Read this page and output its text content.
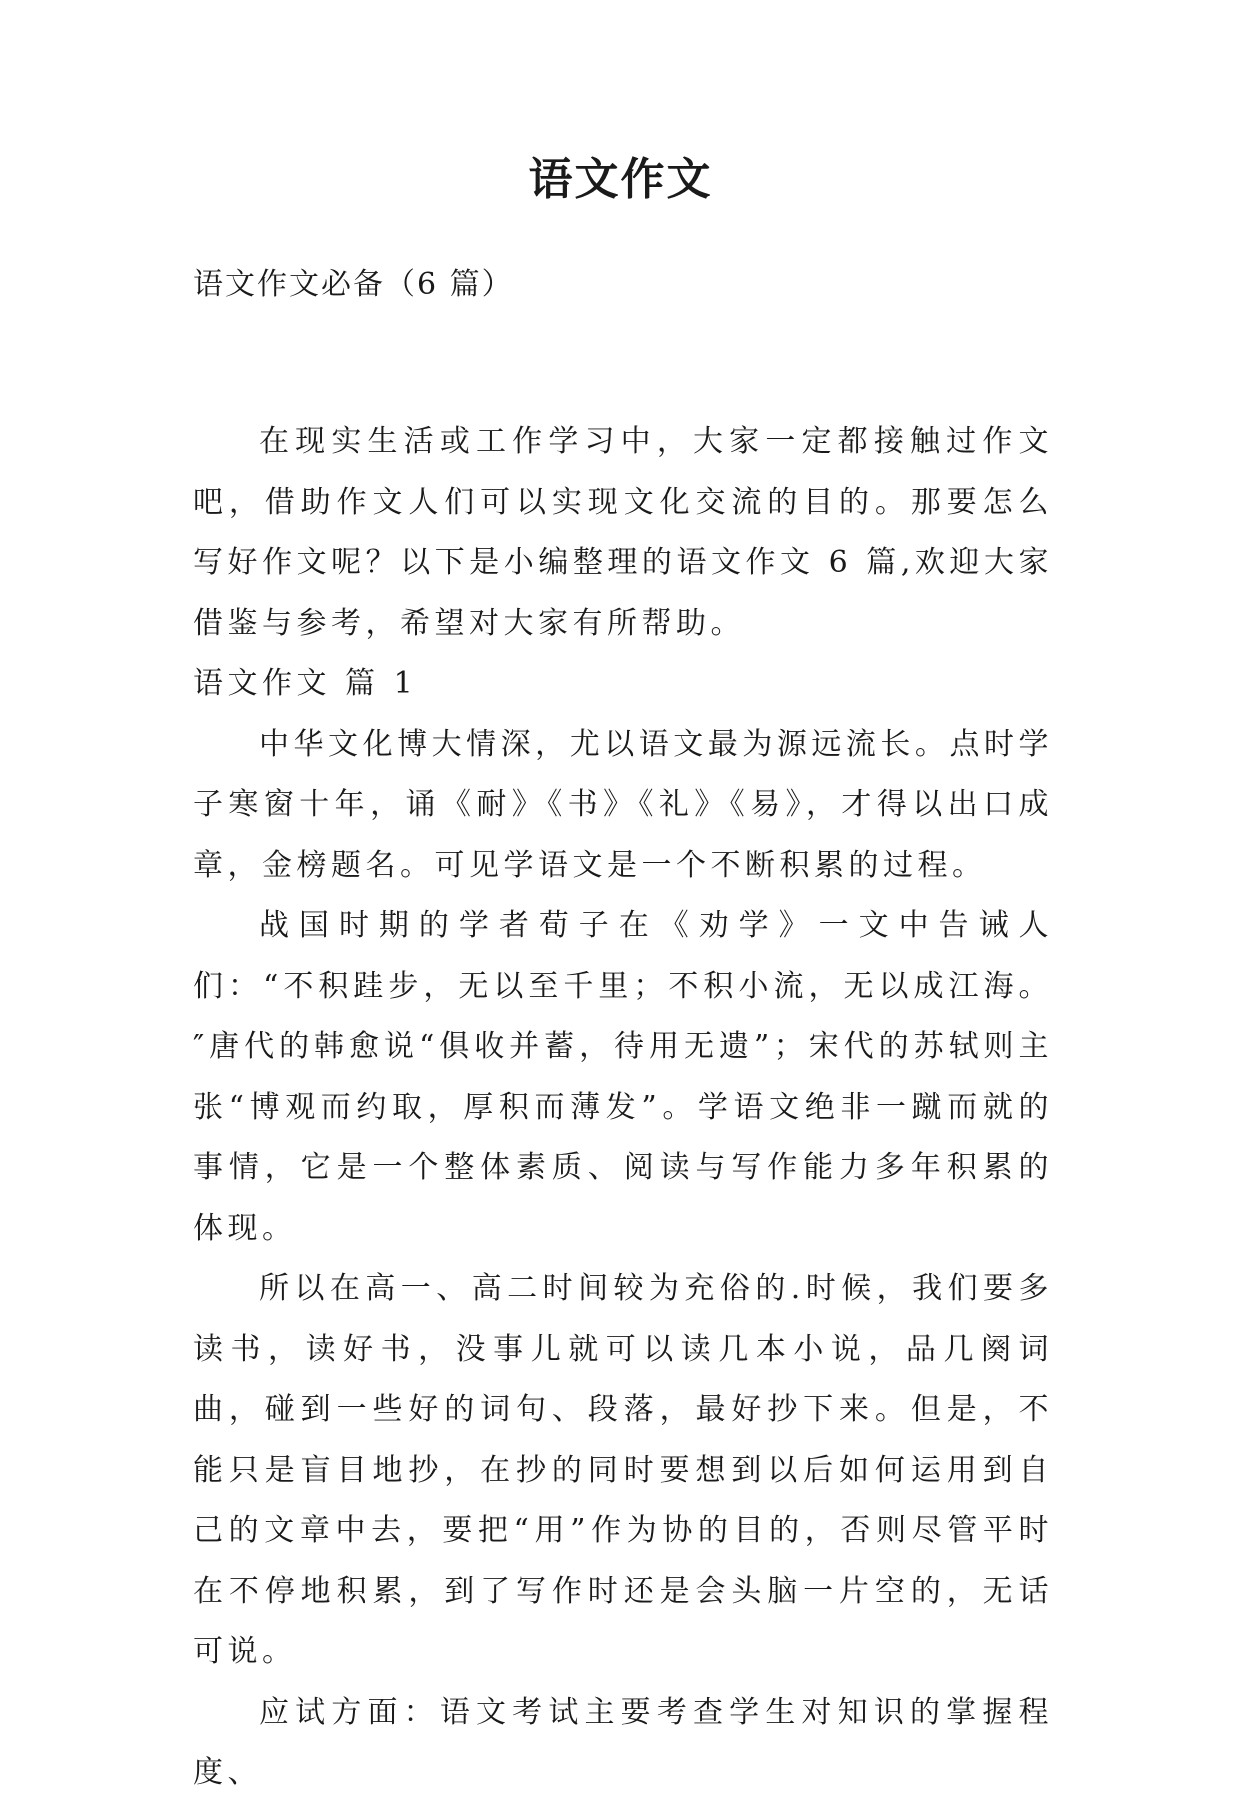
语文作文

语文作文必备（6 篇）

在现实生活或工作学习中，大家一定都接触过作文吧，借助作文人们可以实现文化交流的目的。那要怎么写好作文呢？以下是小编整理的语文作文 6 篇,欢迎大家借鉴与参考，希望对大家有所帮助。

语文作文 篇 1

中华文化博大情深，尤以语文最为源远流长。点时学子寒窗十年，诵《耐》《书》《礼》《易》，才得以出口成章，金榜题名。可见学语文是一个不断积累的过程。

战国时期的学者荀子在《劝学》一文中告诫人们：“不积跬步，无以至千里；不积小流，无以成江海。″唐代的韩愈说“俱收并蓄，待用无遗”；宋代的苏轼则主张“博观而约取，厚积而薄发”。学语文绝非一蹴而就的事情，它是一个整体素质、阅读与写作能力多年积累的体现。

所以在高一、高二时间较为充俗的.时候，我们要多读书，读好书，没事儿就可以读几本小说，品几阕词曲，碰到一些好的词句、段落，最好抄下来。但是，不能只是盲目地抄，在抄的同时要想到以后如何运用到自己的文章中去，要把“用”作为协的目的，否则尽管平时在不停地积累，到了写作时还是会头脑一片空的，无话可说。

应试方面：语文考试主要考查学生对知识的掌握程度、
